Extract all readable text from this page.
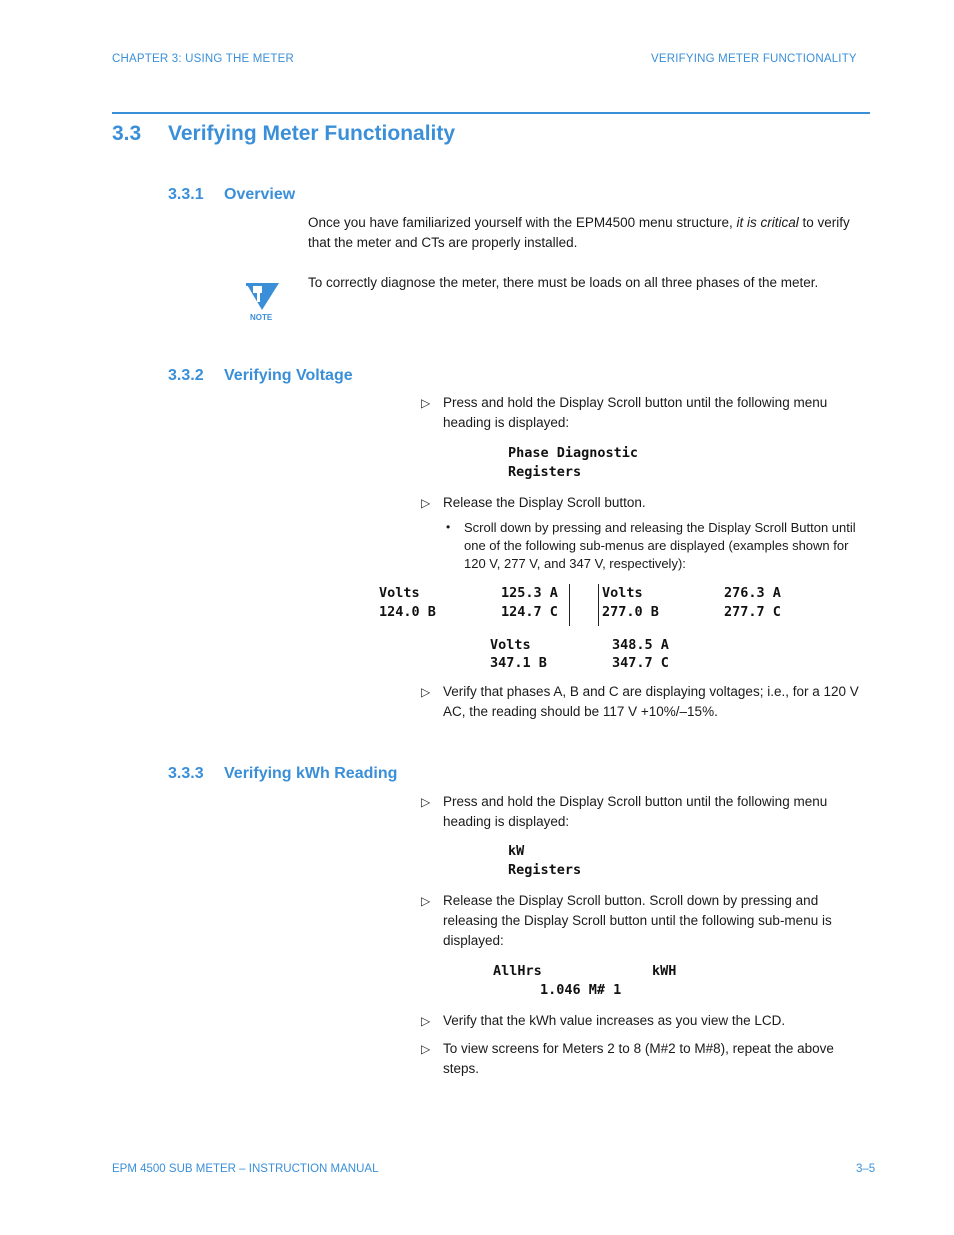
CHAPTER 3: USING THE METER	VERIFYING METER FUNCTIONALITY
3.3 Verifying Meter Functionality
3.3.1 Overview
Once you have familiarized yourself with the EPM4500 menu structure, it is critical to verify that the meter and CTs are properly installed.
NOTE
To correctly diagnose the meter, there must be loads on all three phases of the meter.
3.3.2 Verifying Voltage
▷ Press and hold the Display Scroll button until the following menu heading is displayed:
Phase Diagnostic
Registers
▷ Release the Display Scroll button.
• Scroll down by pressing and releasing the Display Scroll Button until one of the following sub-menus are displayed (examples shown for 120 V, 277 V, and 347 V, respectively):
Volts	125.3 A
124.0 B	124.7 C
Volts	276.3 A
277.0 B	277.7 C
Volts	348.5 A
347.1 B	347.7 C
▷ Verify that phases A, B and C are displaying voltages; i.e., for a 120 V AC, the reading should be 117 V +10%/–15%.
3.3.3 Verifying kWh Reading
▷ Press and hold the Display Scroll button until the following menu heading is displayed:
kW
Registers
▷ Release the Display Scroll button. Scroll down by pressing and releasing the Display Scroll button until the following sub-menu is displayed:
AllHrs	kWH
1.046 M# 1
▷ Verify that the kWh value increases as you view the LCD.
▷ To view screens for Meters 2 to 8 (M#2 to M#8), repeat the above steps.
EPM 4500 SUB METER – INSTRUCTION MANUAL	3–5
